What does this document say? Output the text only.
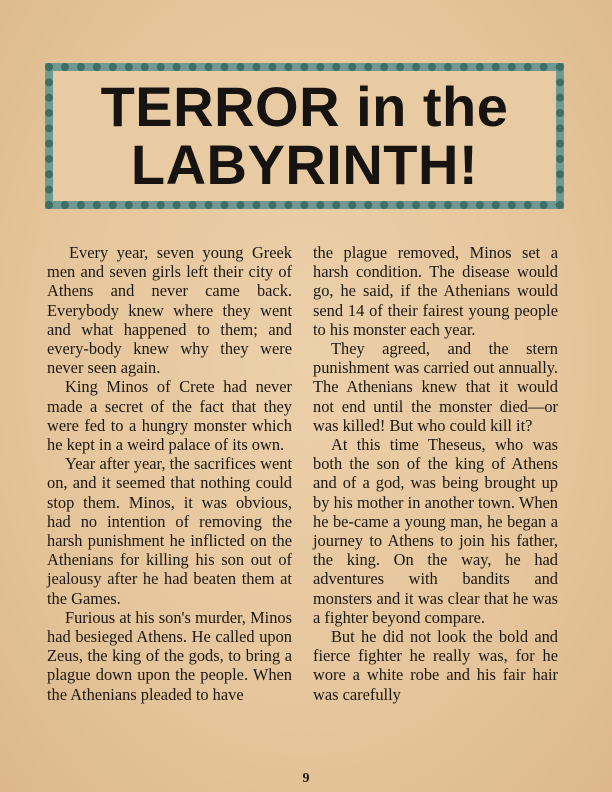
TERROR in the
LABYRINTH!

Every year, seven young Greek men and seven girls left their city of Athens and never came back. Everybody knew where they went and what happened to them; and every-body knew why they were never seen again.

King Minos of Crete had never made a secret of the fact that they were fed to a hungry monster which he kept in a weird palace of its own.

Year after year, the sacrifices went on, and it seemed that nothing could stop them. Minos, it was obvious, had no intention of removing the harsh punishment he inflicted on the Athenians for killing his son out of jealousy after he had beaten them at the Games.

Furious at his son's murder, Minos had besieged Athens. He called upon Zeus, the king of the gods, to bring a plague down upon the people. When the Athenians pleaded to have

the plague removed, Minos set a harsh condition. The disease would go, he said, if the Athenians would send 14 of their fairest young people to his monster each year.

They agreed, and the stern punishment was carried out annually. The Athenians knew that it would not end until the monster died—or was killed! But who could kill it?

At this time Theseus, who was both the son of the king of Athens and of a god, was being brought up by his mother in another town. When he be-came a young man, he began a journey to Athens to join his father, the king. On the way, he had adventures with bandits and monsters and it was clear that he was a fighter beyond compare.

But he did not look the bold and fierce fighter he really was, for he wore a white robe and his fair hair was carefully

9
